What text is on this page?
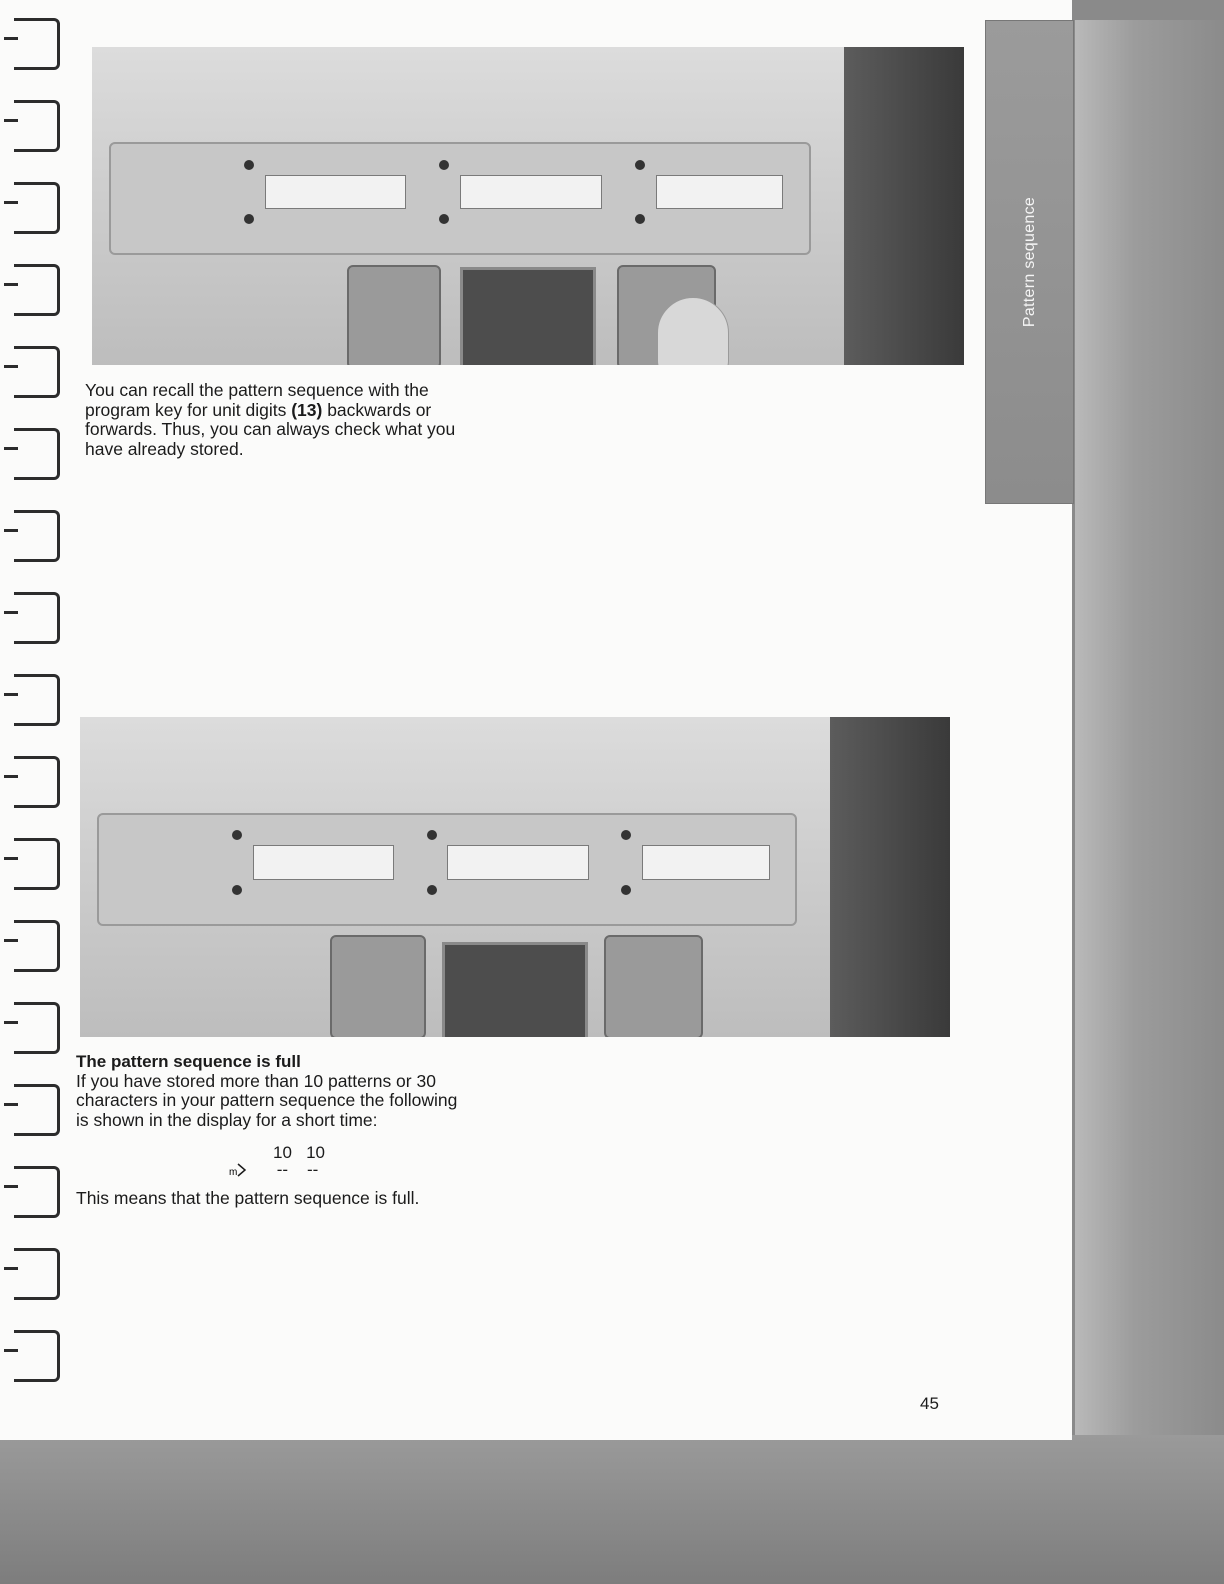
You can recall the pattern sequence with the
program key for unit digits (13) backwards or
forwards. Thus, you can always check what you
have already stored.
The pattern sequence is full
If you have stored more than 10 patterns or 30
characters in your pattern sequence the following
is shown in the display for a short time:
10 10
m -- --
This means that the pattern sequence is full.
Pattern sequence
45
